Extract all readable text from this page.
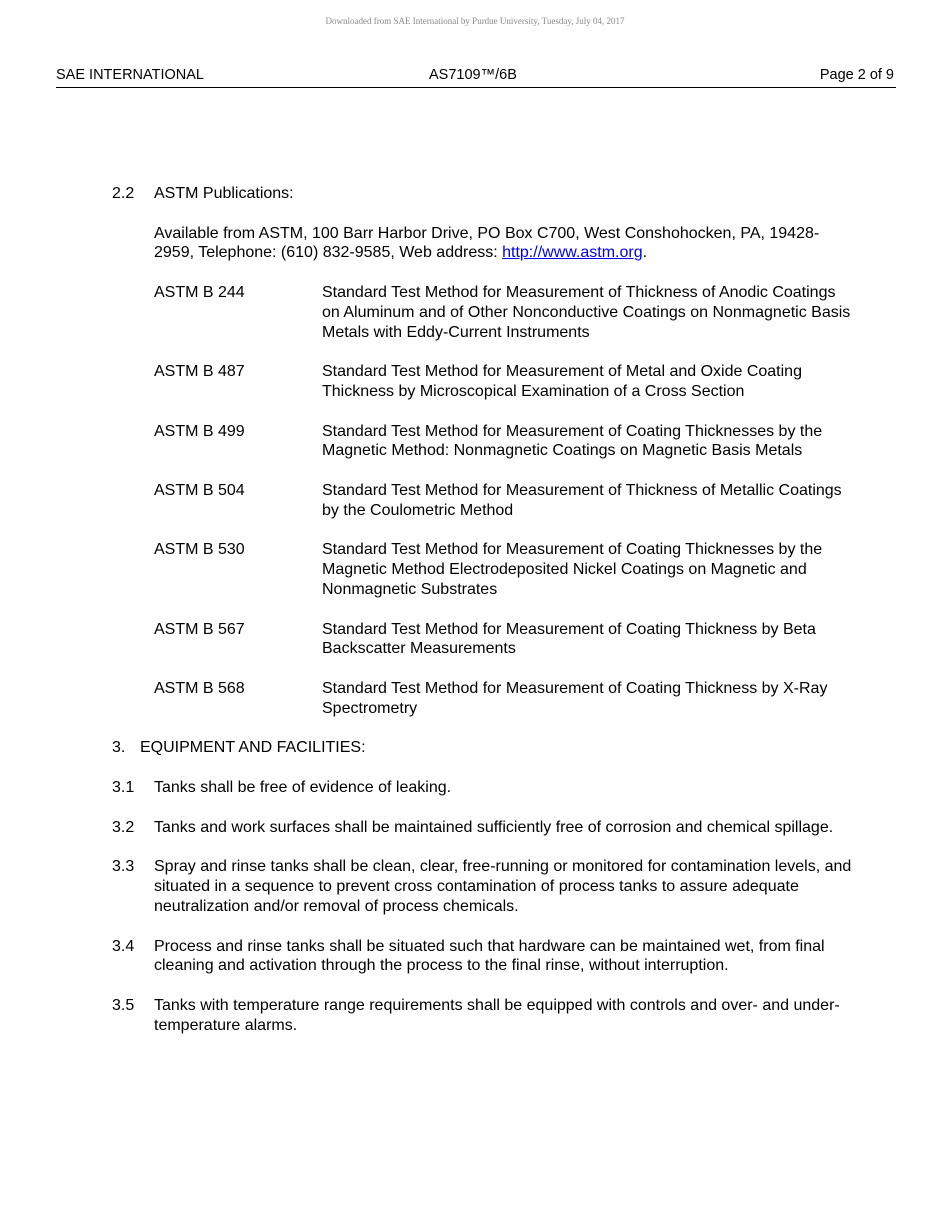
Downloaded from SAE International by Purdue University, Tuesday, July 04, 2017
SAE INTERNATIONAL	AS7109™/6B	Page 2 of 9
2.2	ASTM Publications:
Available from ASTM, 100 Barr Harbor Drive, PO Box C700, West Conshohocken, PA, 19428-2959, Telephone: (610) 832-9585, Web address: http://www.astm.org.
ASTM B 244	Standard Test Method for Measurement of Thickness of Anodic Coatings on Aluminum and of Other Nonconductive Coatings on Nonmagnetic Basis Metals with Eddy-Current Instruments
ASTM B 487	Standard Test Method for Measurement of Metal and Oxide Coating Thickness by Microscopical Examination of a Cross Section
ASTM B 499	Standard Test Method for Measurement of Coating Thicknesses by the Magnetic Method: Nonmagnetic Coatings on Magnetic Basis Metals
ASTM B 504	Standard Test Method for Measurement of Thickness of Metallic Coatings by the Coulometric Method
ASTM B 530	Standard Test Method for Measurement of Coating Thicknesses by the Magnetic Method Electrodeposited Nickel Coatings on Magnetic and Nonmagnetic Substrates
ASTM B 567	Standard Test Method for Measurement of Coating Thickness by Beta Backscatter Measurements
ASTM B 568	Standard Test Method for Measurement of Coating Thickness by X-Ray Spectrometry
3. EQUIPMENT AND FACILITIES:
3.1	Tanks shall be free of evidence of leaking.
3.2	Tanks and work surfaces shall be maintained sufficiently free of corrosion and chemical spillage.
3.3	Spray and rinse tanks shall be clean, clear, free-running or monitored for contamination levels, and situated in a sequence to prevent cross contamination of process tanks to assure adequate neutralization and/or removal of process chemicals.
3.4	Process and rinse tanks shall be situated such that hardware can be maintained wet, from final cleaning and activation through the process to the final rinse, without interruption.
3.5	Tanks with temperature range requirements shall be equipped with controls and over- and under-temperature alarms.
